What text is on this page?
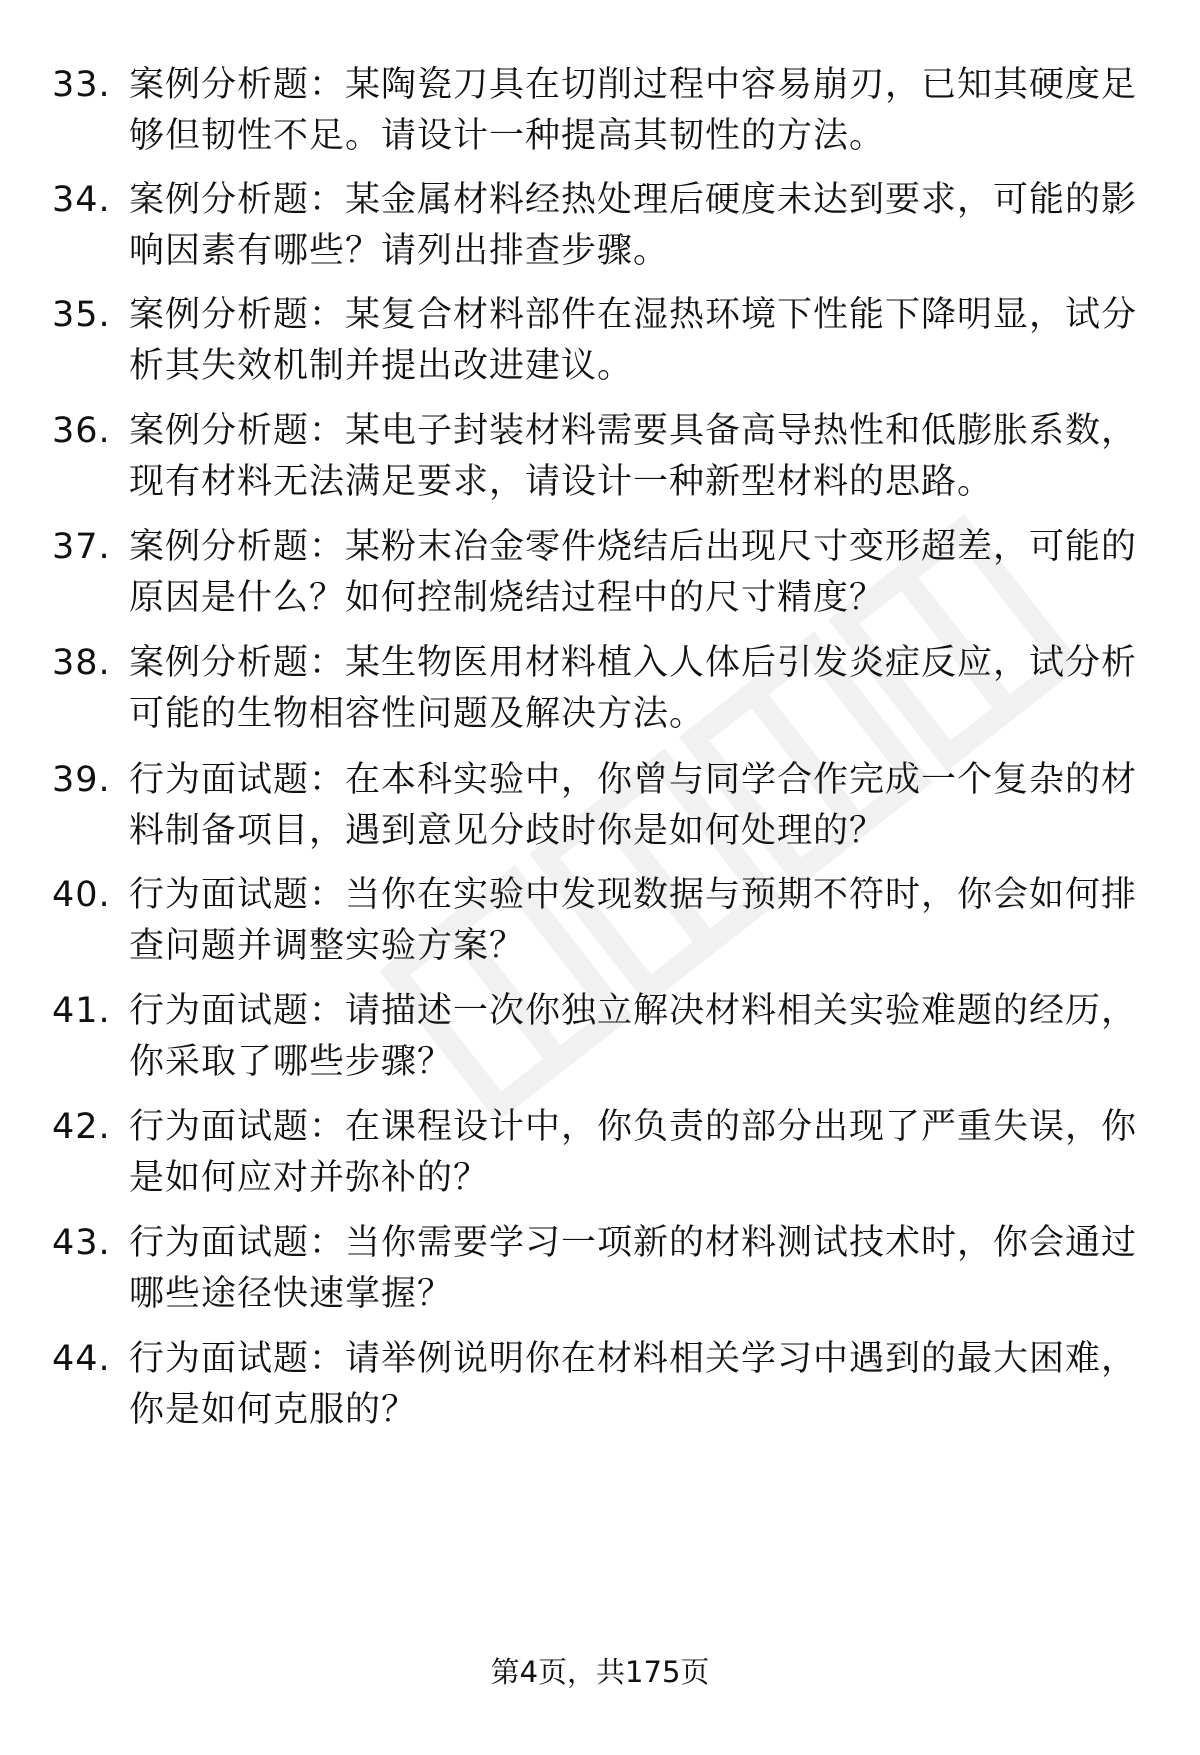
33. 案例分析题：某陶瓷刀具在切削过程中容易崩刃，已知其硬度足够但韧性不足。请设计一种提高其韧性的方法。
34. 案例分析题：某金属材料经热处理后硬度未达到要求，可能的影响因素有哪些？请列出排查步骤。
35. 案例分析题：某复合材料部件在湿热环境下性能下降明显，试分析其失效机制并提出改进建议。
36. 案例分析题：某电子封装材料需要具备高导热性和低膨胀系数，现有材料无法满足要求，请设计一种新型材料的思路。
37. 案例分析题：某粉末冶金零件烧结后出现尺寸变形超差，可能的原因是什么？如何控制烧结过程中的尺寸精度？
38. 案例分析题：某生物医用材料植入人体后引发炎症反应，试分析可能的生物相容性问题及解决方法。
39. 行为面试题：在本科实验中，你曾与同学合作完成一个复杂的材料制备项目，遇到意见分歧时你是如何处理的？
40. 行为面试题：当你在实验中发现数据与预期不符时，你会如何排查问题并调整实验方案？
41. 行为面试题：请描述一次你独立解决材料相关实验难题的经历，你采取了哪些步骤？
42. 行为面试题：在课程设计中，你负责的部分出现了严重失误，你是如何应对并弥补的？
43. 行为面试题：当你需要学习一项新的材料测试技术时，你会通过哪些途径快速掌握？
44. 行为面试题：请举例说明你在材料相关学习中遇到的最大困难，你是如何克服的？
第4页，共175页
